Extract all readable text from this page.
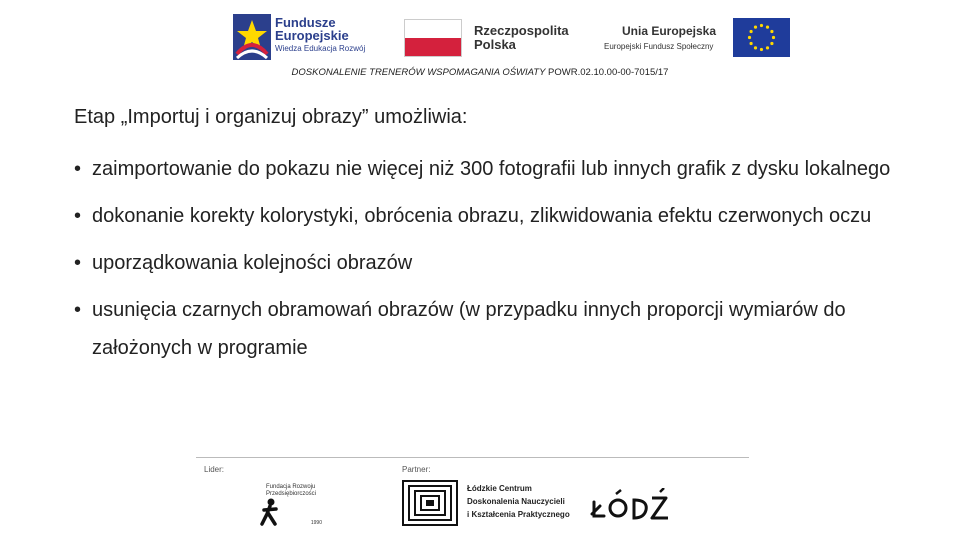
Fundusze
Europejskie
Wiedza Edukacja Rozwój
Rzeczpospolita
Polska
Unia Europejska
Europejski Fundusz Społeczny
DOSKONALENIE TRENERÓW WSPOMAGANIA OŚWIATY POWR.02.10.00-00-7015/17
Etap „Importuj i organizuj obrazy” umożliwia:
• zaimportowanie do pokazu nie więcej niż 300 fotografii lub innych grafik z dysku lokalnego
• dokonanie korekty kolorystyki, obrócenia obrazu, zlikwidowania efektu czerwonych oczu
• uporządkowania kolejności obrazów
• usunięcia czarnych obramowań obrazów (w przypadku innych proporcji wymiarów do założonych w programie
Lider:	Partner:
Fundacja Rozwoju Przedsiębiorczości
1990
Łódzkie Centrum
Doskonalenia Nauczycieli
i Kształcenia Praktycznego
